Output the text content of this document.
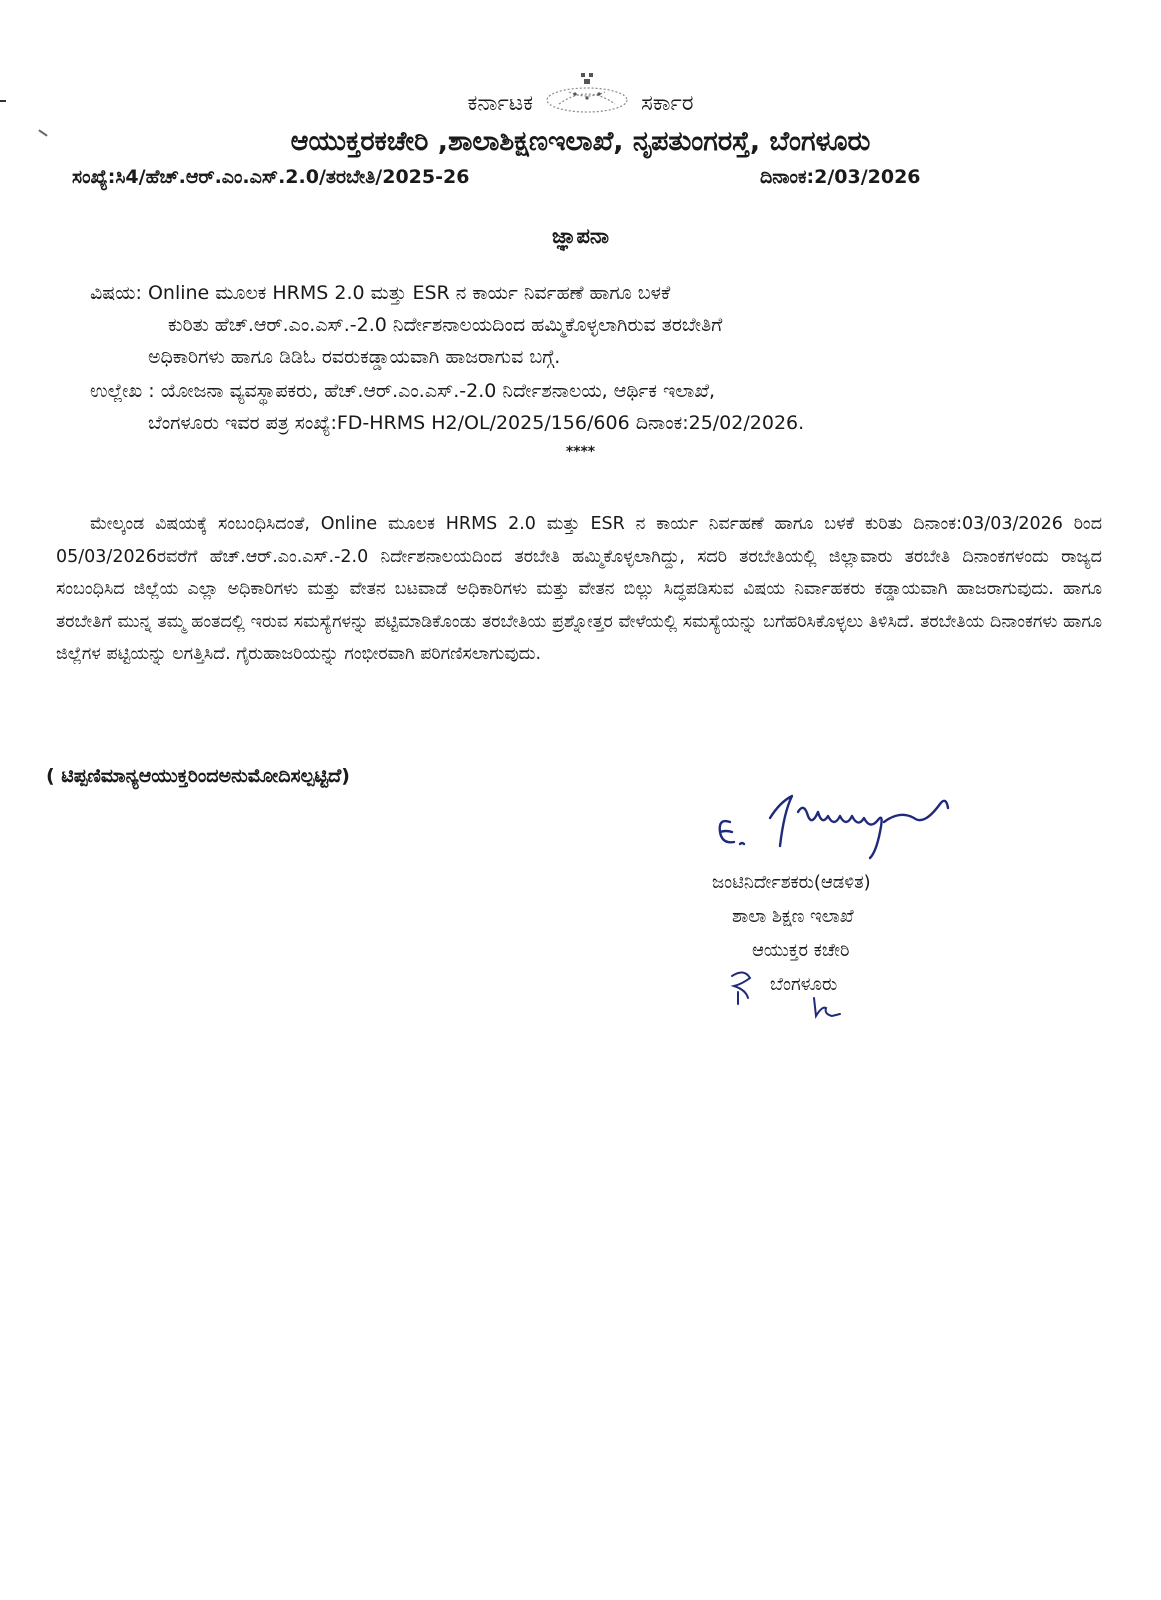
ಕರ್ನಾಟಕ	ಸರ್ಕಾರ
ಆಯುಕ್ತರಕಚೇರಿ ,ಶಾಲಾಶಿಕ್ಷಣಇಲಾಖೆ, ನೃಪತುಂಗರಸ್ತೆ, ಬೆಂಗಳೂರು
ಸಂಖ್ಯೆ:ಸಿ4/ಹೆಚ್.ಆರ್.ಎಂ.ಎಸ್.2.0/ತರಬೇತಿ/2025-26	ದಿನಾಂಕ:2/03/2026
ಜ್ಞಾಪನಾ
ವಿಷಯ: Online ಮೂಲಕ HRMS 2.0 ಮತ್ತು ESR ನ ಕಾರ್ಯ ನಿರ್ವಹಣೆ ಹಾಗೂ ಬಳಕೆ
ಕುರಿತು ಹೆಚ್.ಆರ್.ಎಂ.ಎಸ್.-2.0 ನಿರ್ದೇಶನಾಲಯದಿಂದ ಹಮ್ಮಿಕೊಳ್ಳಲಾಗಿರುವ ತರಬೇತಿಗೆ
ಅಧಿಕಾರಿಗಳು ಹಾಗೂ ಡಿಡಿಓ ರವರುಕಡ್ಡಾಯವಾಗಿ ಹಾಜರಾಗುವ ಬಗ್ಗೆ.
ಉಲ್ಲೇಖ : ಯೋಜನಾ ವ್ಯವಸ್ಥಾಪಕರು, ಹೆಚ್.ಆರ್.ಎಂ.ಎಸ್.-2.0 ನಿರ್ದೇಶನಾಲಯ, ಆರ್ಥಿಕ ಇಲಾಖೆ,
ಬೆಂಗಳೂರು ಇವರ ಪತ್ರ ಸಂಖ್ಯೆ:FD-HRMS H2/OL/2025/156/606 ದಿನಾಂಕ:25/02/2026.
****
ಮೇಲ್ಕಂಡ ವಿಷಯಕ್ಕೆ ಸಂಬಂಧಿಸಿದಂತೆ, Online ಮೂಲಕ HRMS 2.0 ಮತ್ತು ESR ನ ಕಾರ್ಯ ನಿರ್ವಹಣೆ ಹಾಗೂ ಬಳಕೆ ಕುರಿತು ದಿನಾಂಕ:03/03/2026 ರಿಂದ 05/03/2026ರವರೆಗೆ ಹೆಚ್.ಆರ್.ಎಂ.ಎಸ್.-2.0 ನಿರ್ದೇಶನಾಲಯದಿಂದ ತರಬೇತಿ ಹಮ್ಮಿಕೊಳ್ಳಲಾಗಿದ್ದು, ಸದರಿ ತರಬೇತಿಯಲ್ಲಿ ಜಿಲ್ಲಾವಾರು ತರಬೇತಿ ದಿನಾಂಕಗಳಂದು ರಾಜ್ಯದ ಸಂಬಂಧಿಸಿದ ಜಿಲ್ಲೆಯ ಎಲ್ಲಾ ಅಧಿಕಾರಿಗಳು ಮತ್ತು ವೇತನ ಬಟವಾಡೆ ಅಧಿಕಾರಿಗಳು ಮತ್ತು ವೇತನ ಬಿಲ್ಲು ಸಿದ್ಧಪಡಿಸುವ ವಿಷಯ ನಿರ್ವಾಹಕರು ಕಡ್ಡಾಯವಾಗಿ ಹಾಜರಾಗುವುದು. ಹಾಗೂ ತರಬೇತಿಗೆ ಮುನ್ನ ತಮ್ಮ ಹಂತದಲ್ಲಿ ಇರುವ ಸಮಸ್ಯೆಗಳನ್ನು ಪಟ್ಟಿಮಾಡಿಕೊಂಡು ತರಬೇತಿಯ ಪ್ರಶ್ನೋತ್ತರ ವೇಳೆಯಲ್ಲಿ ಸಮಸ್ಯೆಯನ್ನು ಬಗೆಹರಿಸಿಕೊಳ್ಳಲು ತಿಳಿಸಿದೆ. ತರಬೇತಿಯ ದಿನಾಂಕಗಳು ಹಾಗೂ ಜಿಲ್ಲೆಗಳ ಪಟ್ಟಿಯನ್ನು ಲಗತ್ತಿಸಿದೆ. ಗೈರುಹಾಜರಿಯನ್ನು ಗಂಭೀರವಾಗಿ ಪರಿಗಣಿಸಲಾಗುವುದು.
( ಟಿಪ್ಪಣಿಮಾನ್ಯಆಯುಕ್ತರಿಂದಅನುಮೋದಿಸಲ್ಪಟ್ಟಿದೆ)
ಜಂಟಿನಿರ್ದೇಶಕರು(ಆಡಳಿತ)
ಶಾಲಾ ಶಿಕ್ಷಣ ಇಲಾಖೆ
ಆಯುಕ್ತರ ಕಚೇರಿ
ಬೆಂಗಳೂರು
